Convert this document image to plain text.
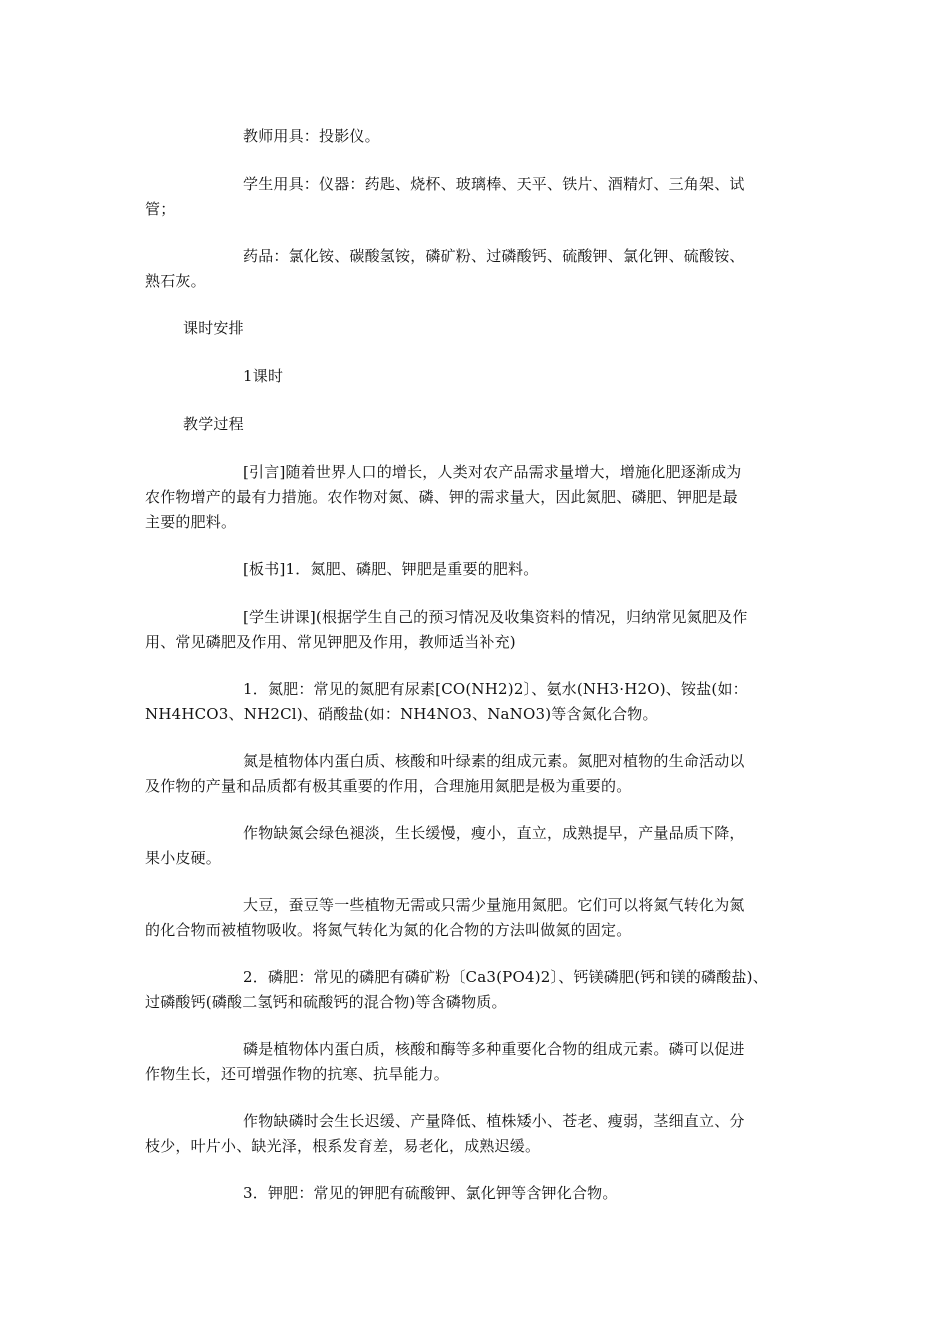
教师用具：投影仪。
学生用具：仪器：药匙、烧杯、玻璃棒、天平、铁片、酒精灯、三角架、试
管；
药品：氯化铵、碳酸氢铵，磷矿粉、过磷酸钙、硫酸钾、氯化钾、硫酸铵、
熟石灰。
课时安排
1课时
教学过程
[引言]随着世界人口的增长，人类对农产品需求量增大，增施化肥逐渐成为
农作物增产的最有力措施。农作物对氮、磷、钾的需求量大，因此氮肥、磷肥、钾肥是最
主要的肥料。
[板书]1．氮肥、磷肥、钾肥是重要的肥料。
[学生讲课](根据学生自己的预习情况及收集资料的情况，归纳常见氮肥及作
用、常见磷肥及作用、常见钾肥及作用，教师适当补充)
1．氮肥：常见的氮肥有尿素[CO(NH2)2〕、氨水(NH3·H2O)、铵盐(如：
NH4HCO3、NH2Cl)、硝酸盐(如：NH4NO3、NaNO3)等含氮化合物。
氮是植物体内蛋白质、核酸和叶绿素的组成元素。氮肥对植物的生命活动以
及作物的产量和品质都有极其重要的作用，合理施用氮肥是极为重要的。
作物缺氮会绿色褪淡，生长缓慢，瘦小，直立，成熟提早，产量品质下降，
果小皮硬。
大豆，蚕豆等一些植物无需或只需少量施用氮肥。它们可以将氮气转化为氮
的化合物而被植物吸收。将氮气转化为氮的化合物的方法叫做氮的固定。
2．磷肥：常见的磷肥有磷矿粉〔Ca3(PO4)2〕、钙镁磷肥(钙和镁的磷酸盐)、
过磷酸钙(磷酸二氢钙和硫酸钙的混合物)等含磷物质。
磷是植物体内蛋白质，核酸和酶等多种重要化合物的组成元素。磷可以促进
作物生长，还可增强作物的抗寒、抗旱能力。
作物缺磷时会生长迟缓、产量降低、植株矮小、苍老、瘦弱，茎细直立、分
枝少，叶片小、缺光泽，根系发育差，易老化，成熟迟缓。
3．钾肥：常见的钾肥有硫酸钾、氯化钾等含钾化合物。
